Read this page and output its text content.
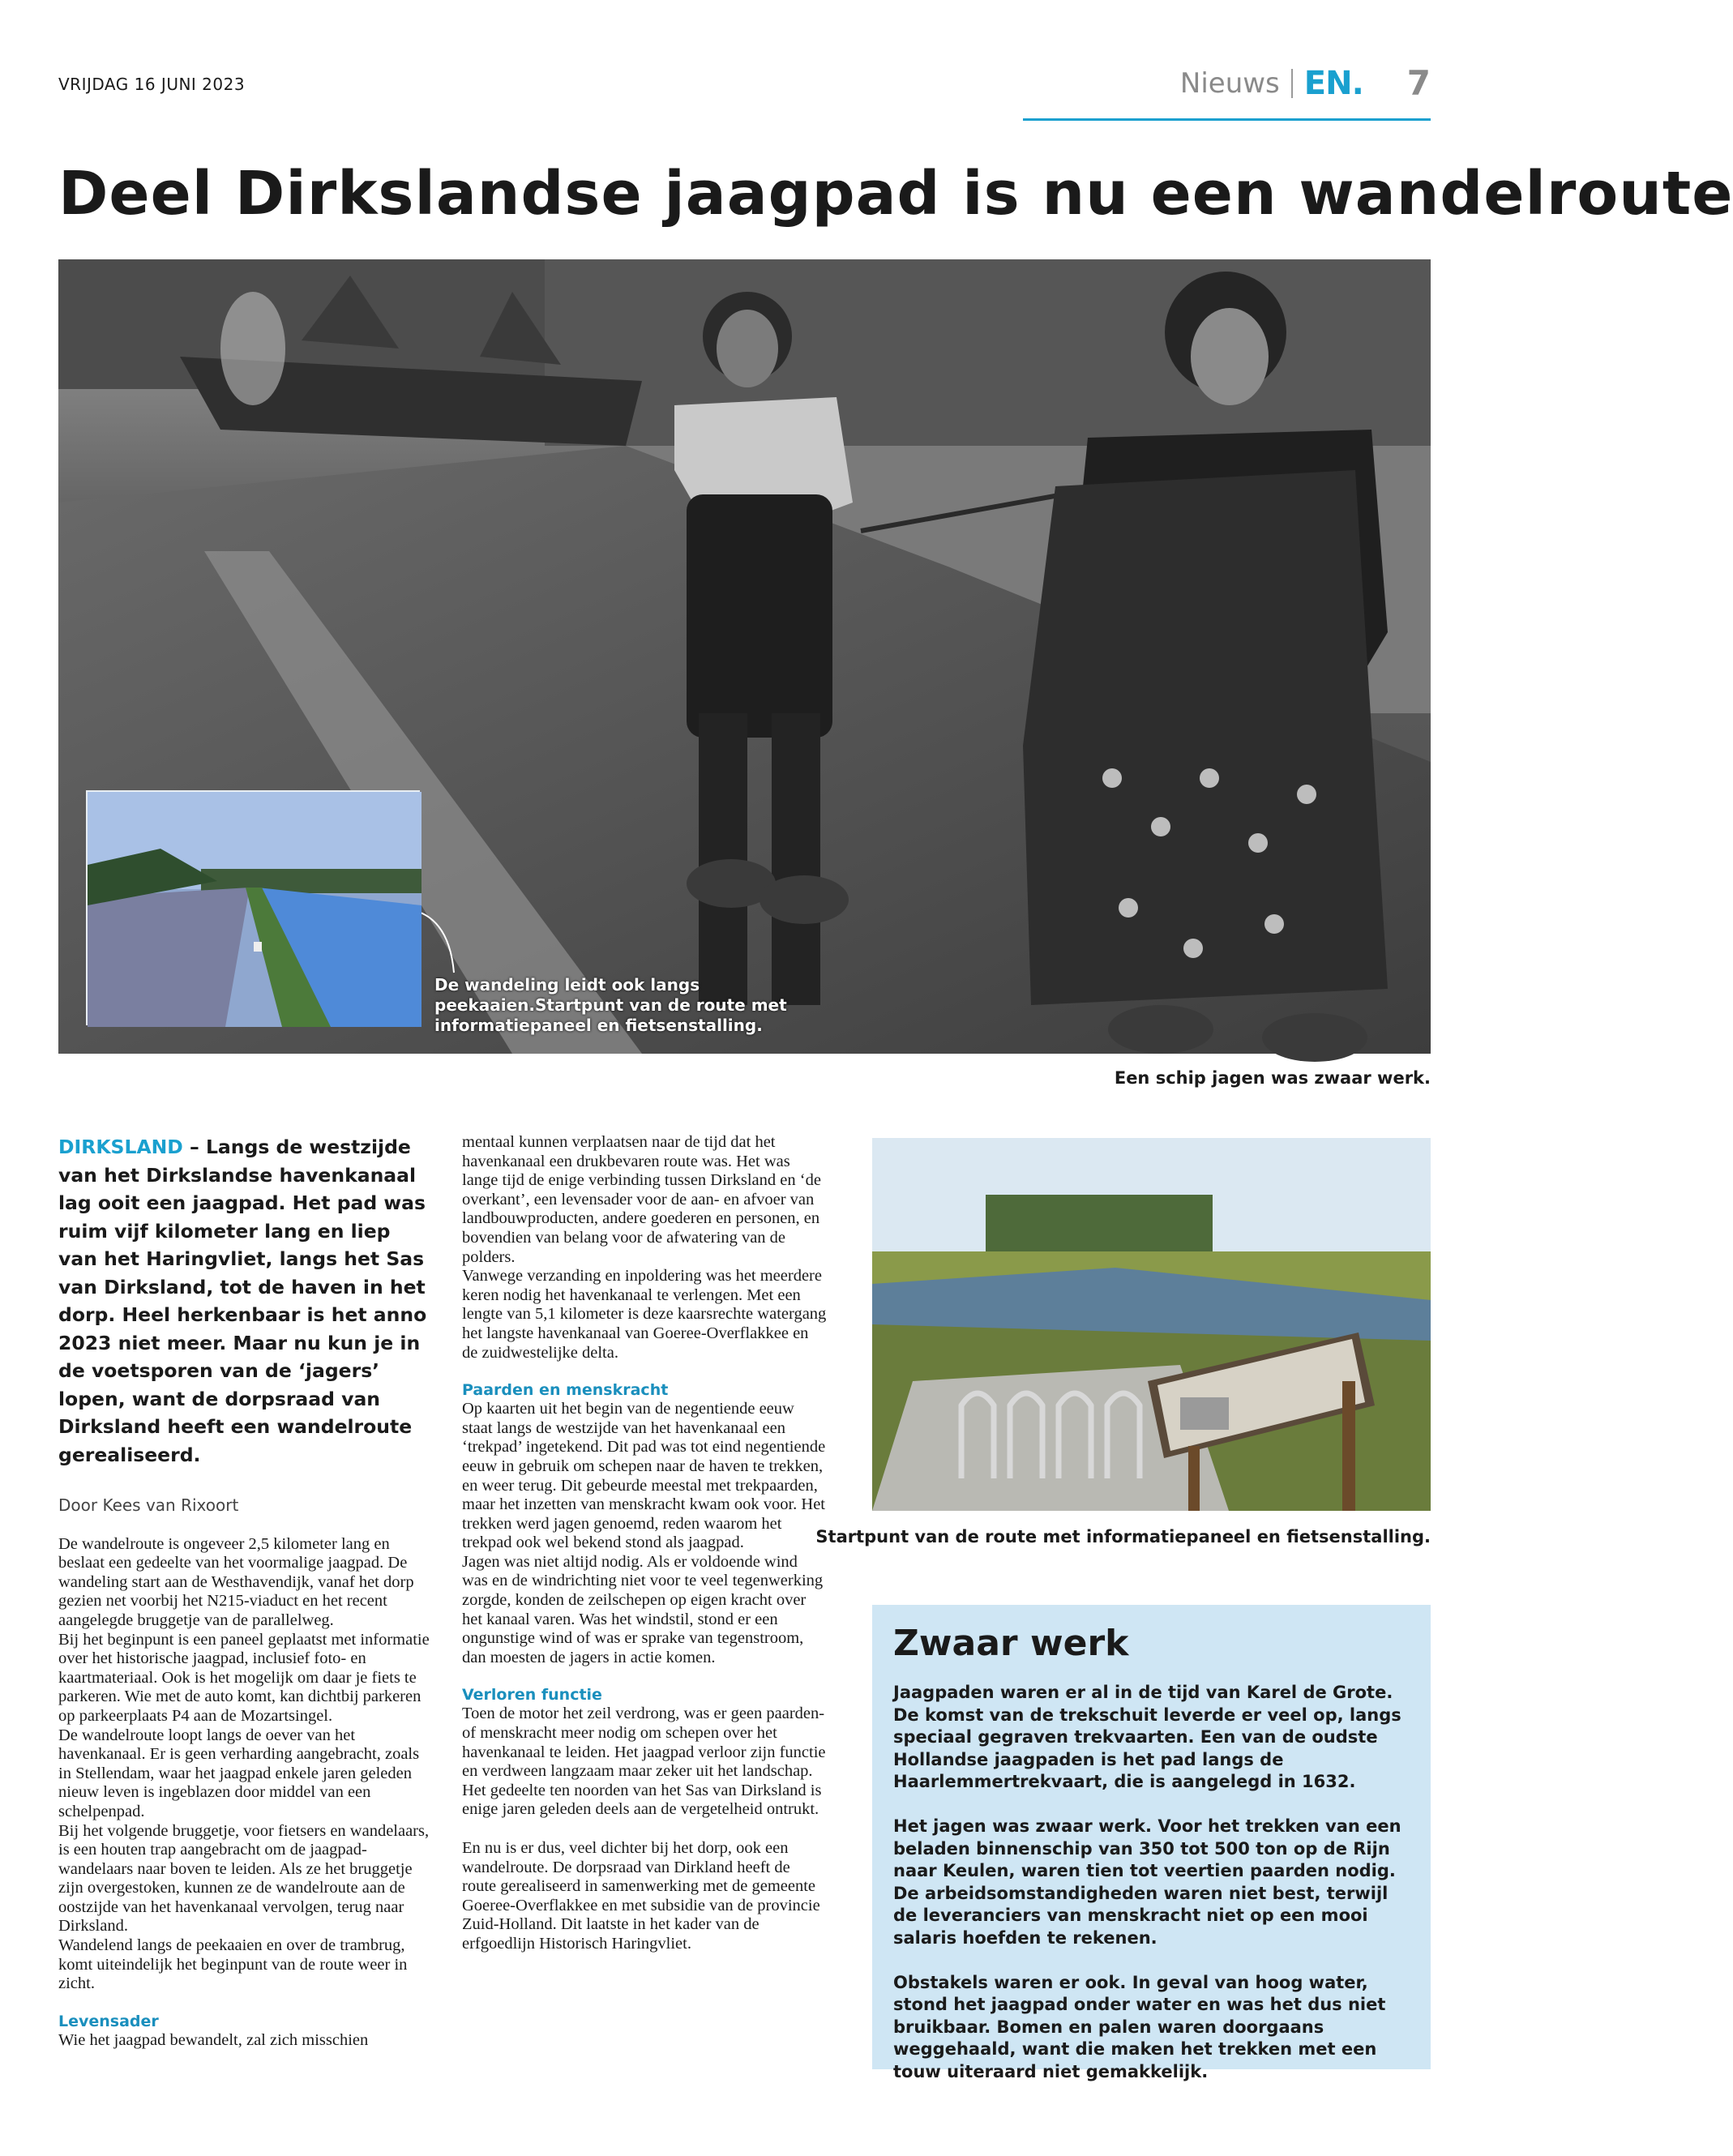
VRIJDAG 16 JUNI 2023	Nieuws EN. 7
Deel Dirkslandse jaagpad is nu een wandelroute
De wandeling leidt ook langs peekaaien.Startpunt van de route met informatiepaneel en fietsenstalling.
Een schip jagen was zwaar werk.

DIRKSLAND – Langs de westzijde van het Dirkslandse havenkanaal lag ooit een jaagpad. Het pad was ruim vijf kilometer lang en liep van het Haringvliet, langs het Sas van Dirksland, tot de haven in het dorp. Heel herkenbaar is het anno 2023 niet meer. Maar nu kun je in de voetsporen van de ‘jagers’ lopen, want de dorpsraad van Dirksland heeft een wandelroute gerealiseerd.

Door Kees van Rixoort

De wandelroute is ongeveer 2,5 kilometer lang en beslaat een gedeelte van het voormalige jaagpad. De wandeling start aan de Westhavendijk, vanaf het dorp gezien net voorbij het N215-viaduct en het recent aangelegde bruggetje van de parallelweg.

Bij het beginpunt is een paneel geplaatst met informatie over het historische jaagpad, inclusief foto- en kaartmateriaal. Ook is het mogelijk om daar je fiets te parkeren. Wie met de auto komt, kan dichtbij parkeren op parkeerplaats P4 aan de Mozartsingel.

De wandelroute loopt langs de oever van het havenkanaal. Er is geen verharding aangebracht, zoals in Stellendam, waar het jaagpad enkele jaren geleden nieuw leven is ingeblazen door middel van een schelpenpad.

Bij het volgende bruggetje, voor fietsers en wandelaars, is een houten trap aangebracht om de jaagpad-wandelaars naar boven te leiden. Als ze het bruggetje zijn overgestoken, kunnen ze de wandelroute aan de oostzijde van het havenkanaal vervolgen, terug naar Dirksland.

Wandelend langs de peekaaien en over de trambrug, komt uiteindelijk het beginpunt van de route weer in zicht.

Levensader

Wie het jaagpad bewandelt, zal zich misschien

mentaal kunnen verplaatsen naar de tijd dat het havenkanaal een drukbevaren route was. Het was lange tijd de enige verbinding tussen Dirksland en ‘de overkant’, een levensader voor de aan- en afvoer van landbouwproducten, andere goederen en personen, en bovendien van belang voor de afwatering van de polders.

Vanwege verzanding en inpoldering was het meerdere keren nodig het havenkanaal te verlengen. Met een lengte van 5,1 kilometer is deze kaarsrechte watergang het langste havenkanaal van Goeree-Overflakkee en de zuidwestelijke delta.

Paarden en menskracht

Op kaarten uit het begin van de negentiende eeuw staat langs de westzijde van het havenkanaal een ‘trekpad’ ingetekend. Dit pad was tot eind negentiende eeuw in gebruik om schepen naar de haven te trekken, en weer terug. Dit gebeurde meestal met trekpaarden, maar het inzetten van menskracht kwam ook voor. Het trekken werd jagen genoemd, reden waarom het trekpad ook wel bekend stond als jaagpad.

Jagen was niet altijd nodig. Als er voldoende wind was en de windrichting niet voor te veel tegenwerking zorgde, konden de zeilschepen op eigen kracht over het kanaal varen. Was het windstil, stond er een ongunstige wind of was er sprake van tegenstroom, dan moesten de jagers in actie komen.

Verloren functie

Toen de motor het zeil verdrong, was er geen paarden- of menskracht meer nodig om schepen over het havenkanaal te leiden. Het jaagpad verloor zijn functie en verdween langzaam maar zeker uit het landschap. Het gedeelte ten noorden van het Sas van Dirksland is enige jaren geleden deels aan de vergetelheid ontrukt.

En nu is er dus, veel dichter bij het dorp, ook een wandelroute. De dorpsraad van Dirkland heeft de route gerealiseerd in samenwerking met de gemeente Goeree-Overflakkee en met subsidie van de provincie Zuid-Holland. Dit laatste in het kader van de erfgoedlijn Historisch Haringvliet.

Startpunt van de route met informatiepaneel en fietsenstalling.
Zwaar werk

Jaagpaden waren er al in de tijd van Karel de Grote. De komst van de trekschuit leverde er veel op, langs speciaal gegraven trekvaarten. Een van de oudste Hollandse jaagpaden is het pad langs de Haarlemmertrekvaart, die is aangelegd in 1632.

Het jagen was zwaar werk. Voor het trekken van een beladen binnenschip van 350 tot 500 ton op de Rijn naar Keulen, waren tien tot veertien paarden nodig. De arbeidsomstandigheden waren niet best, terwijl de leveranciers van menskracht niet op een mooi salaris hoefden te rekenen.

Obstakels waren er ook. In geval van hoog water, stond het jaagpad onder water en was het dus niet bruikbaar. Bomen en palen waren doorgaans weggehaald, want die maken het trekken met een touw uiteraard niet gemakkelijk.
